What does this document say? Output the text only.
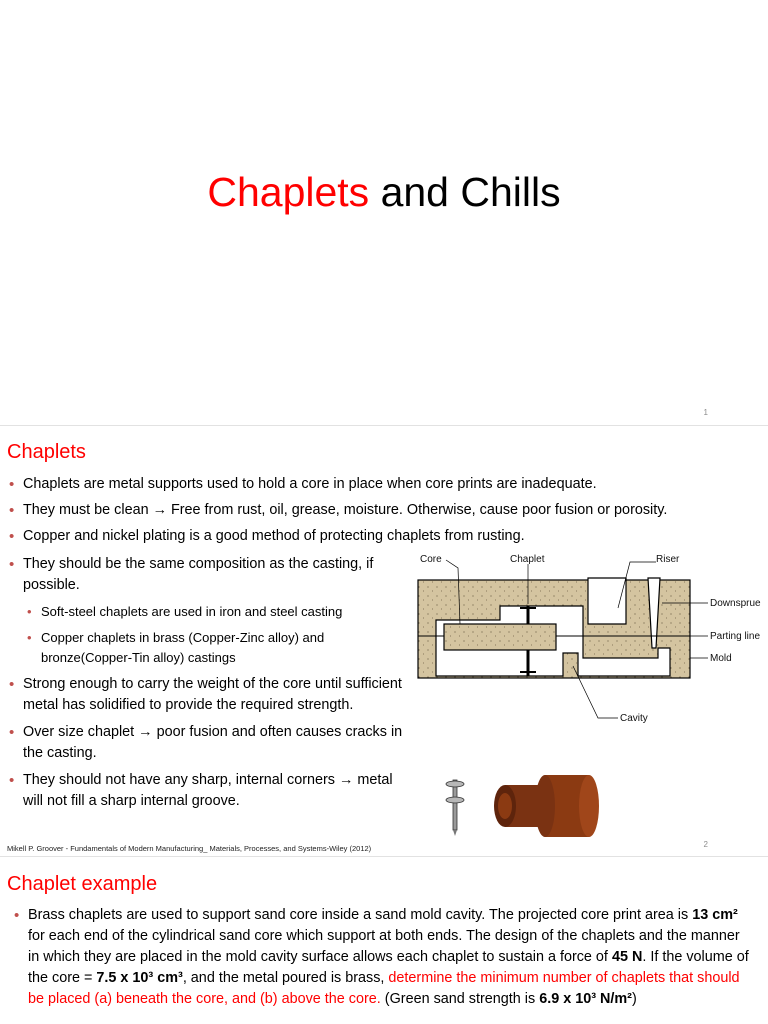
Chaplets and Chills
1
Chaplets
• Chaplets are metal supports used to hold a core in place when core prints are inadequate.
• They must be clean → Free from rust, oil, grease, moisture. Otherwise, cause poor fusion or porosity.
• Copper and nickel plating is a good method of protecting chaplets from rusting.
• They should be the same composition as the casting, if possible.
• Soft-steel chaplets are used in iron and steel casting
• Copper chaplets in brass (Copper-Zinc alloy) and bronze(Copper-Tin alloy) castings
• Strong enough to carry the weight of the core until sufficient metal has solidified to provide the required strength.
• Over size chaplet → poor fusion and often causes cracks in the casting.
• They should not have any sharp, internal corners → metal will not fill a sharp internal groove.
Core	Chaplet	Riser
Downsprue
Parting line
Mold
Cavity
Mikell P. Groover - Fundamentals of Modern Manufacturing_ Materials, Processes, and Systems-Wiley (2012)	2
Chaplet example
• Brass chaplets are used to support sand core inside a sand mold cavity. The projected core print area is 13 cm² for each end of the cylindrical sand core which support at both ends. The design of the chaplets and the manner in which they are placed in the mold cavity surface allows each chaplet to sustain a force of 45 N. If the volume of the core = 7.5 x 10³ cm³, and the metal poured is brass, determine the minimum number of chaplets that should be placed (a) beneath the core, and (b) above the core. (Green sand strength is 6.9 x 10³ N/m²)
